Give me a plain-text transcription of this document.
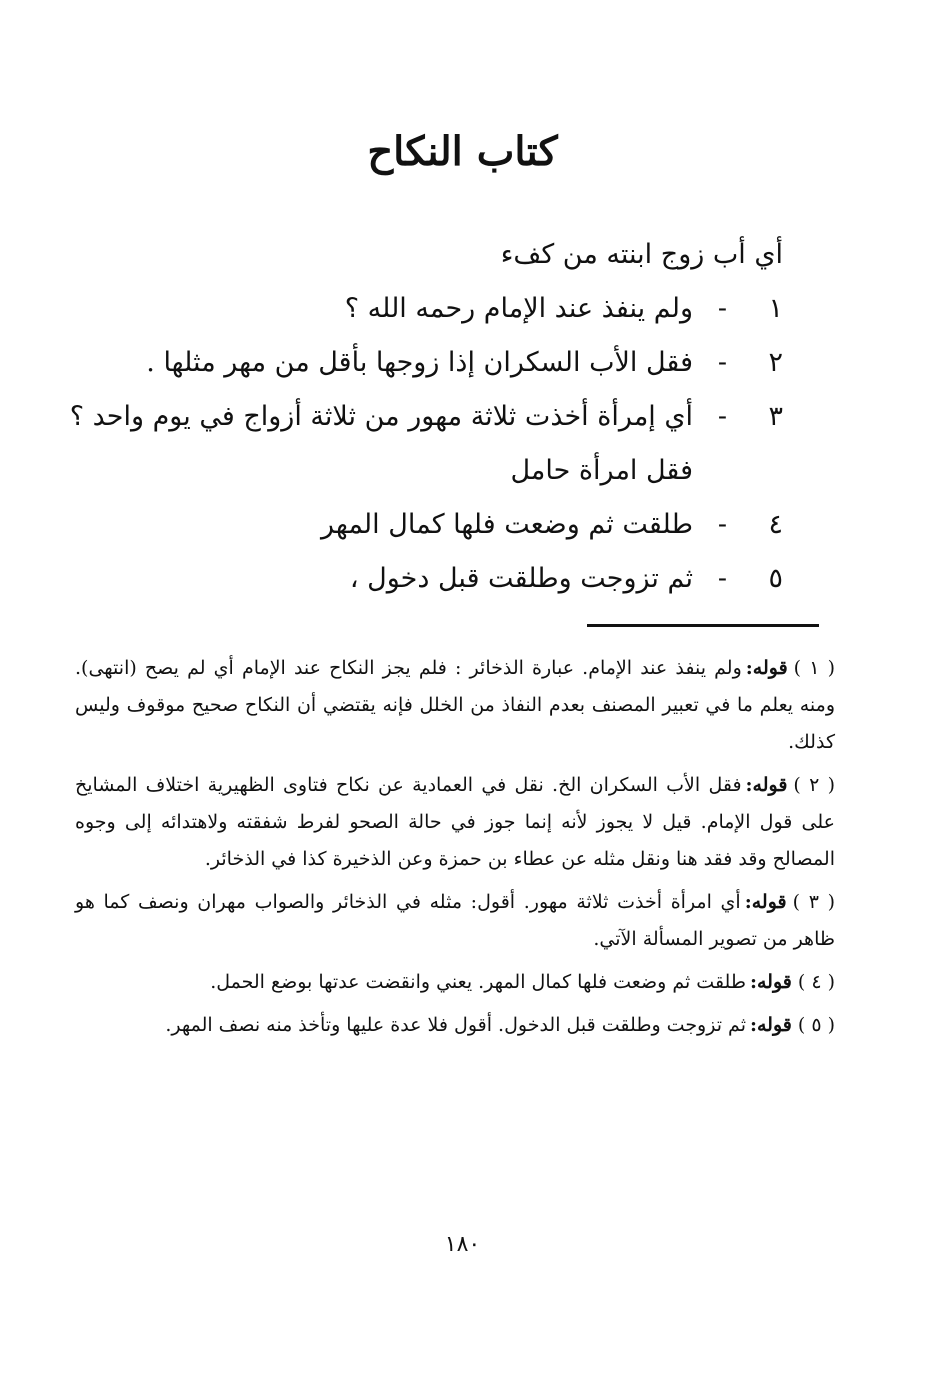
كتاب النكاح
أي أب زوج ابنته من كفء
١-ولم ينفذ عند الإمام رحمه الله ؟
٢-فقل الأب السكران إذا زوجها بأقل من مهر مثلها .
٣-أي إمرأة أخذت ثلاثة مهور من ثلاثة أزواج في يوم واحد ؟
فقل امرأة حامل
٤-طلقت ثم وضعت فلها كمال المهر
٥-ثم تزوجت وطلقت قبل دخول ،

( ١ )قوله:ولم ينفذ عند الإمام. عبارة الذخائر : فلم يجز النكاح عند الإمام أي لم يصح (انتهى). ومنه يعلم ما في تعبير المصنف بعدم النفاذ من الخلل فإنه يقتضي أن النكاح صحيح موقوف وليس كذلك.

( ٢ )قوله:فقل الأب السكران الخ. نقل في العمادية عن نكاح فتاوى الظهيرية اختلاف المشايخ على قول الإمام. قيل لا يجوز لأنه إنما جوز في حالة الصحو لفرط شفقته ولاهتدائه إلى وجوه المصالح وقد فقد هنا ونقل مثله عن عطاء بن حمزة وعن الذخيرة كذا في الذخائر.

( ٣ )قوله:أي امرأة أخذت ثلاثة مهور. أقول: مثله في الذخائر والصواب مهران ونصف كما هو ظاهر من تصوير المسألة الآتي.

( ٤ )قوله:طلقت ثم وضعت فلها كمال المهر. يعني وانقضت عدتها بوضع الحمل.

( ٥ )قوله:ثم تزوجت وطلقت قبل الدخول. أقول فلا عدة عليها وتأخذ منه نصف المهر.

١٨٠
